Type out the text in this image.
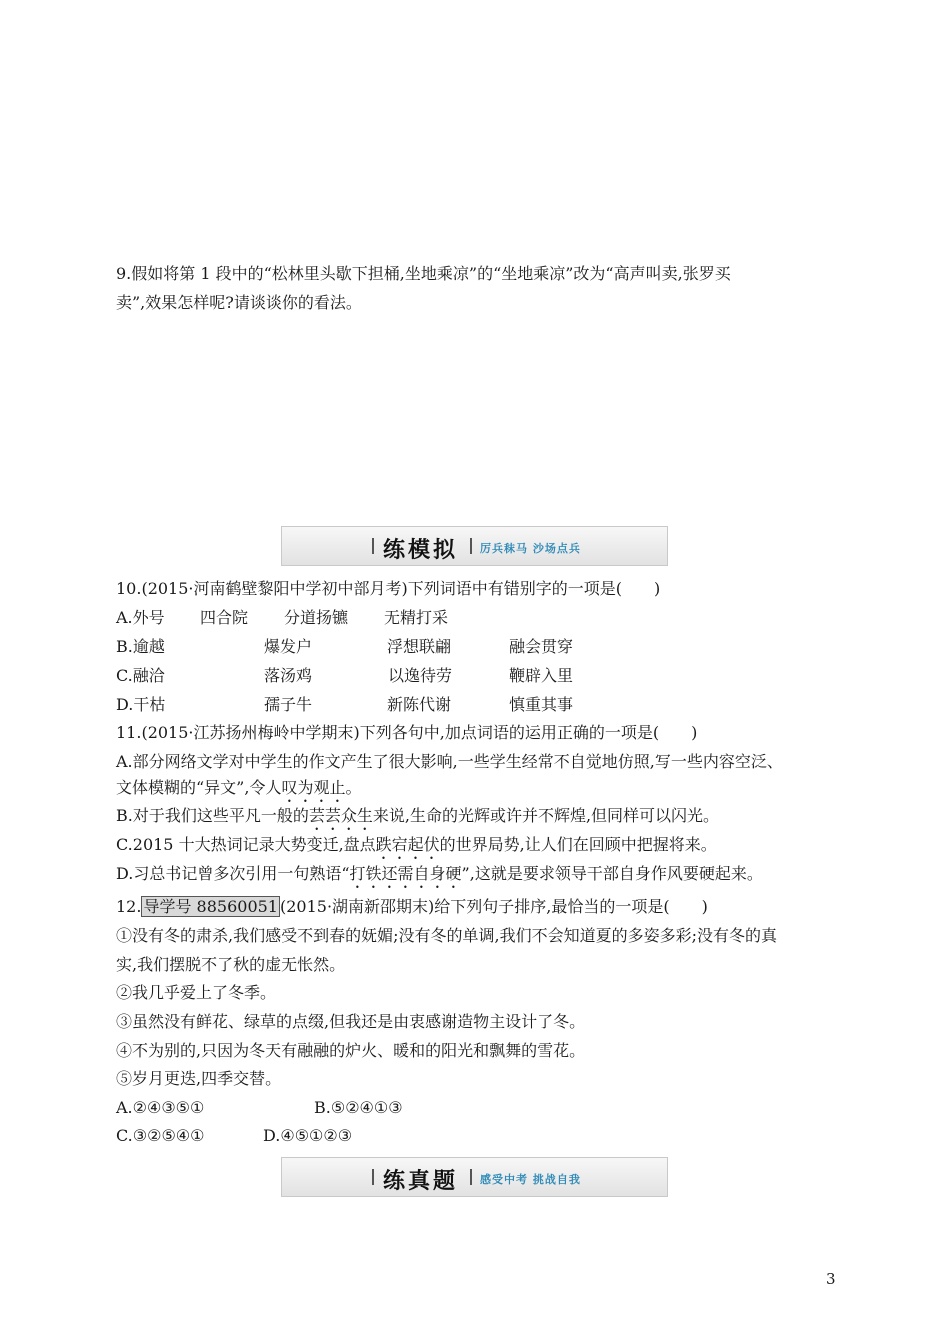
9.假如将第 1 段中的“松林里头歇下担桶,坐地乘凉”的“坐地乘凉”改为“高声叫卖,张罗买
卖”,效果怎样呢?请谈谈你的看法。
练模拟 厉兵秣马 沙场点兵
10.(2015·河南鹤壁黎阳中学初中部月考)下列词语中有错别字的一项是(　　)
A.外号 四合院 分道扬镳 无精打采
B.逾越	爆发户	浮想联翩	融会贯穿
C.融洽	落汤鸡	以逸待劳	鞭辟入里
D.干枯	孺子牛	新陈代谢	慎重其事
11.(2015·江苏扬州梅岭中学期末)下列各句中,加点词语的运用正确的一项是(　　)
A.部分网络文学对中学生的作文产生了很大影响,一些学生经常不自觉地仿照,写一些内容空泛、
文体模糊的“异文”,令人叹为观止。
B.对于我们这些平凡一般的芸芸众生来说,生命的光辉或许并不辉煌,但同样可以闪光。
C.2015 十大热词记录大势变迁,盘点跌宕起伏的世界局势,让人们在回顾中把握将来。
D.习总书记曾多次引用一句熟语“打铁还需自身硬”,这就是要求领导干部自身作风要硬起来。
12. 导学号 88560051 (2015·湖南新邵期末)给下列句子排序,最恰当的一项是(　　)
①没有冬的肃杀,我们感受不到春的妩媚;没有冬的单调,我们不会知道夏的多姿多彩;没有冬的真
实,我们摆脱不了秋的虚无怅然。
②我几乎爱上了冬季。
③虽然没有鲜花、绿草的点缀,但我还是由衷感谢造物主设计了冬。
④不为别的,只因为冬天有融融的炉火、暖和的阳光和飘舞的雪花。
⑤岁月更迭,四季交替。
A.②④③⑤①	B.⑤②④①③
C.③②⑤④①	D.④⑤①②③
练真题 感受中考 挑战自我
3
